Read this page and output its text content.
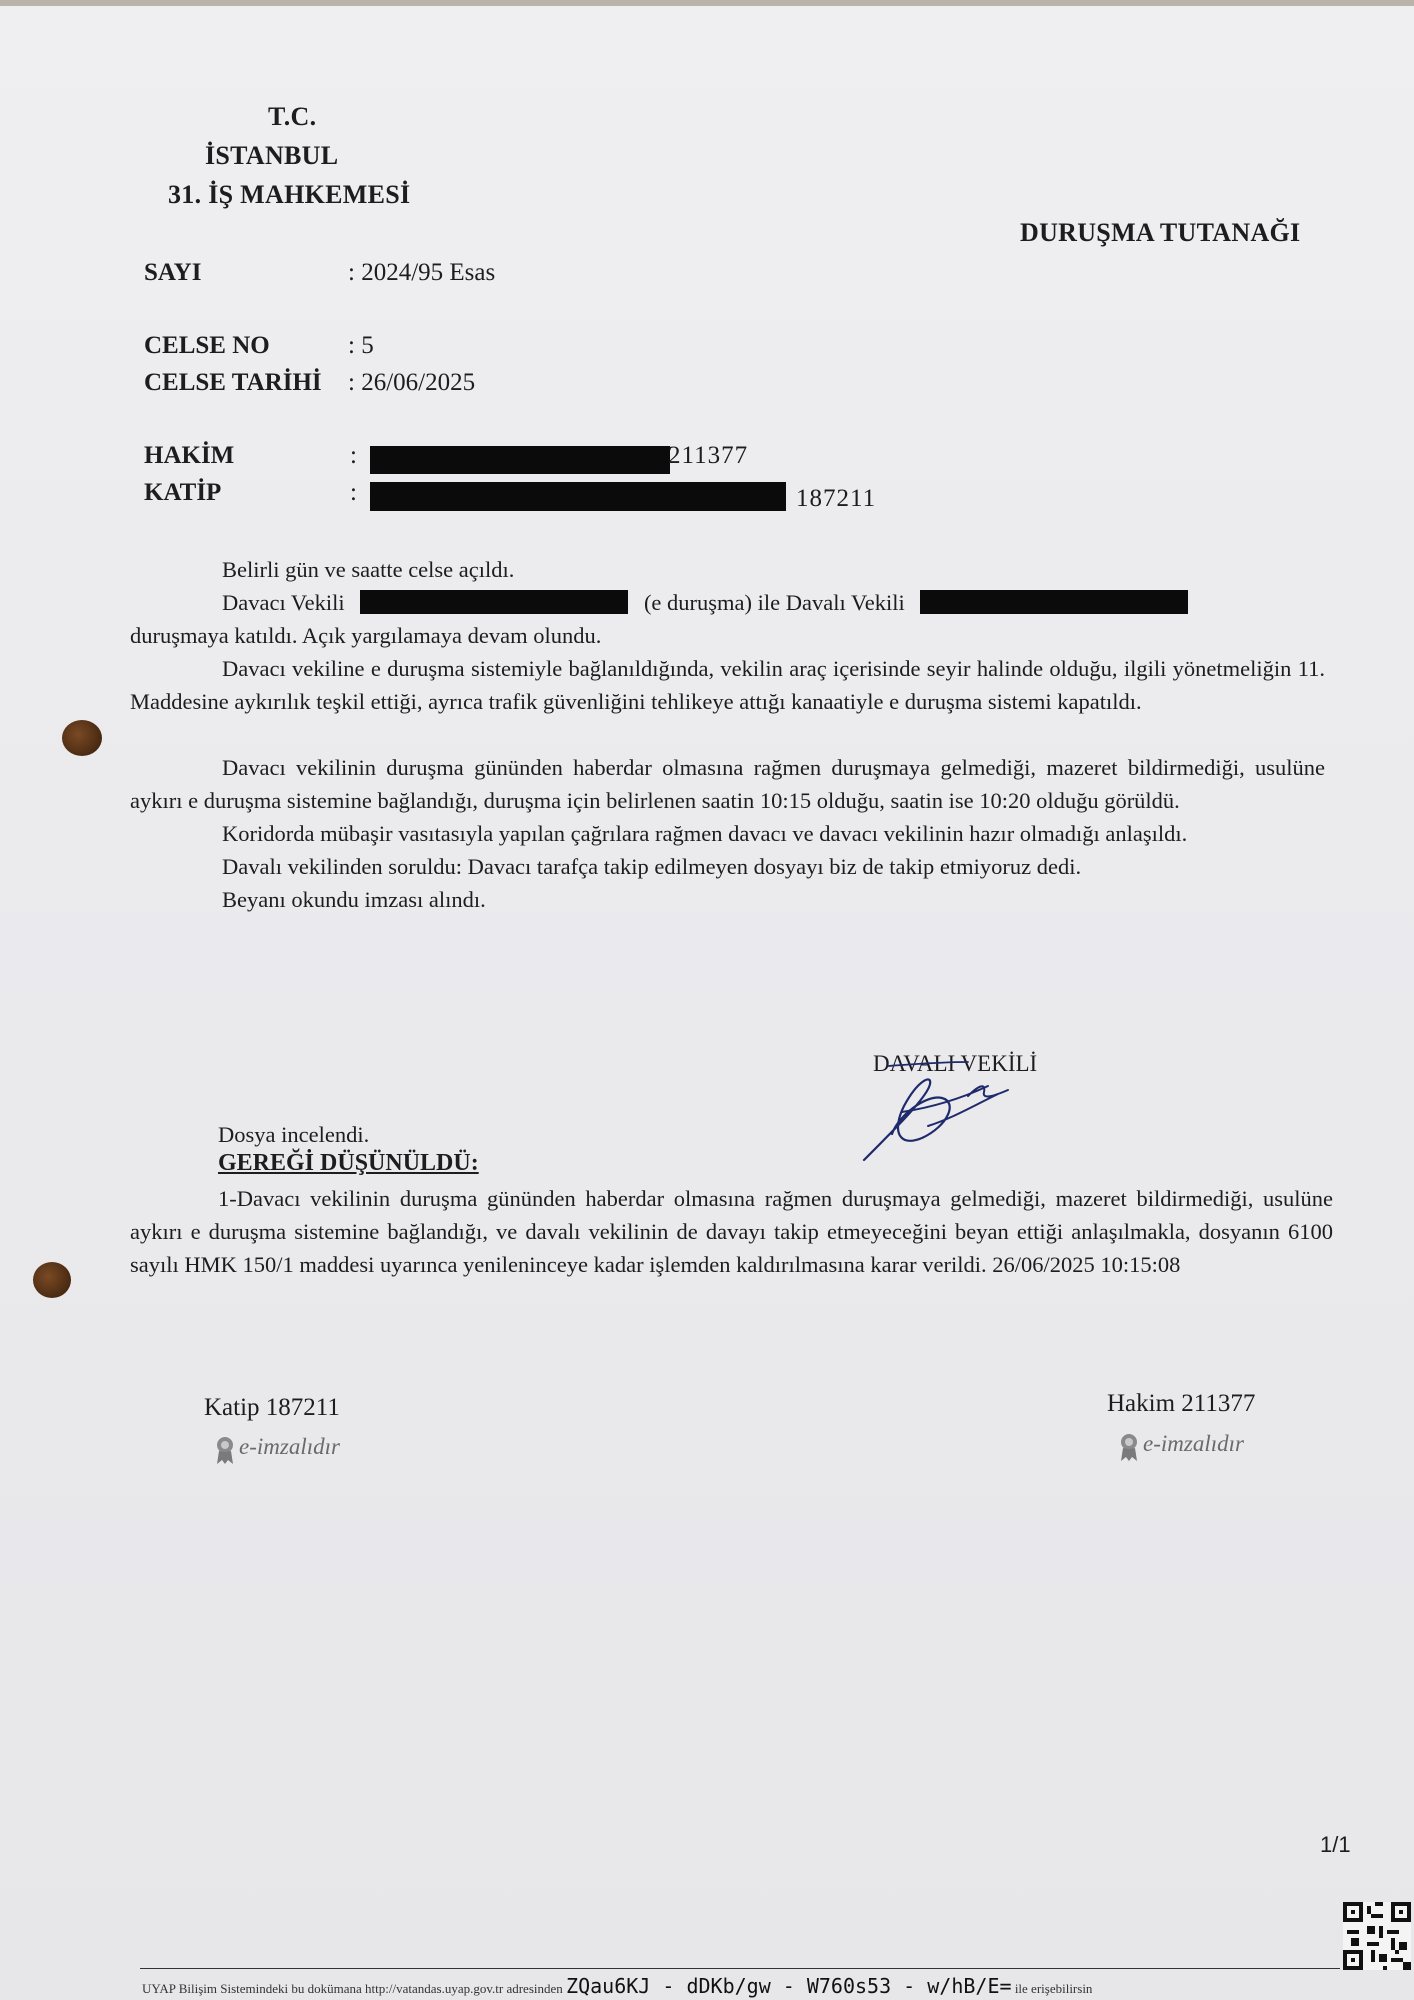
T.C.
İSTANBUL
31. İŞ MAHKEMESİ
DURUŞMA TUTANAĞI
SAYI	: 2024/95 Esas
CELSE NO	: 5
CELSE TARİHİ : 26/06/2025
HAKİM	:	211377
KATİP	:	187211

Belirli gün ve saatte celse açıldı.

Davacı Vekili	(e duruşma) ile Davalı Vekili

duruşmaya katıldı. Açık yargılamaya devam olundu.

Davacı vekiline e duruşma sistemiyle bağlanıldığında, vekilin araç içerisinde seyir halinde olduğu, ilgili yönetmeliğin 11. Maddesine aykırılık teşkil ettiği, ayrıca trafik güvenliğini tehlikeye attığı kanaatiyle e duruşma sistemi kapatıldı.

Davacı vekilinin duruşma gününden haberdar olmasına rağmen duruşmaya gelmediği, mazeret bildirmediği, usulüne aykırı e duruşma sistemine bağlandığı, duruşma için belirlenen saatin 10:15 olduğu, saatin ise 10:20 olduğu görüldü.

Koridorda mübaşir vasıtasıyla yapılan çağrılara rağmen davacı ve davacı vekilinin hazır olmadığı anlaşıldı.

Davalı vekilinden soruldu: Davacı tarafça takip edilmeyen dosyayı biz de takip etmiyoruz dedi.

Beyanı okundu imzası alındı.

DAVALI VEKİLİ
Dosya incelendi.
GEREĞİ DÜŞÜNÜLDÜ:

1-Davacı vekilinin duruşma gününden haberdar olmasına rağmen duruşmaya gelmediği, mazeret bildirmediği, usulüne aykırı e duruşma sistemine bağlandığı, ve davalı vekilinin de davayı takip etmeyeceğini beyan ettiği anlaşılmakla, dosyanın 6100 sayılı HMK 150/1 maddesi uyarınca yenileninceye kadar işlemden kaldırılmasına karar verildi. 26/06/2025 10:15:08

Katip 187211
e-imzalıdır
Hakim 211377
e-imzalıdır
1/1
UYAP Bilişim Sistemindeki bu dokümana http://vatandas.uyap.gov.tr adresinden ZQau6KJ - dDKb/gw - W760s53 - w/hB/E= ile erişebilirsin
